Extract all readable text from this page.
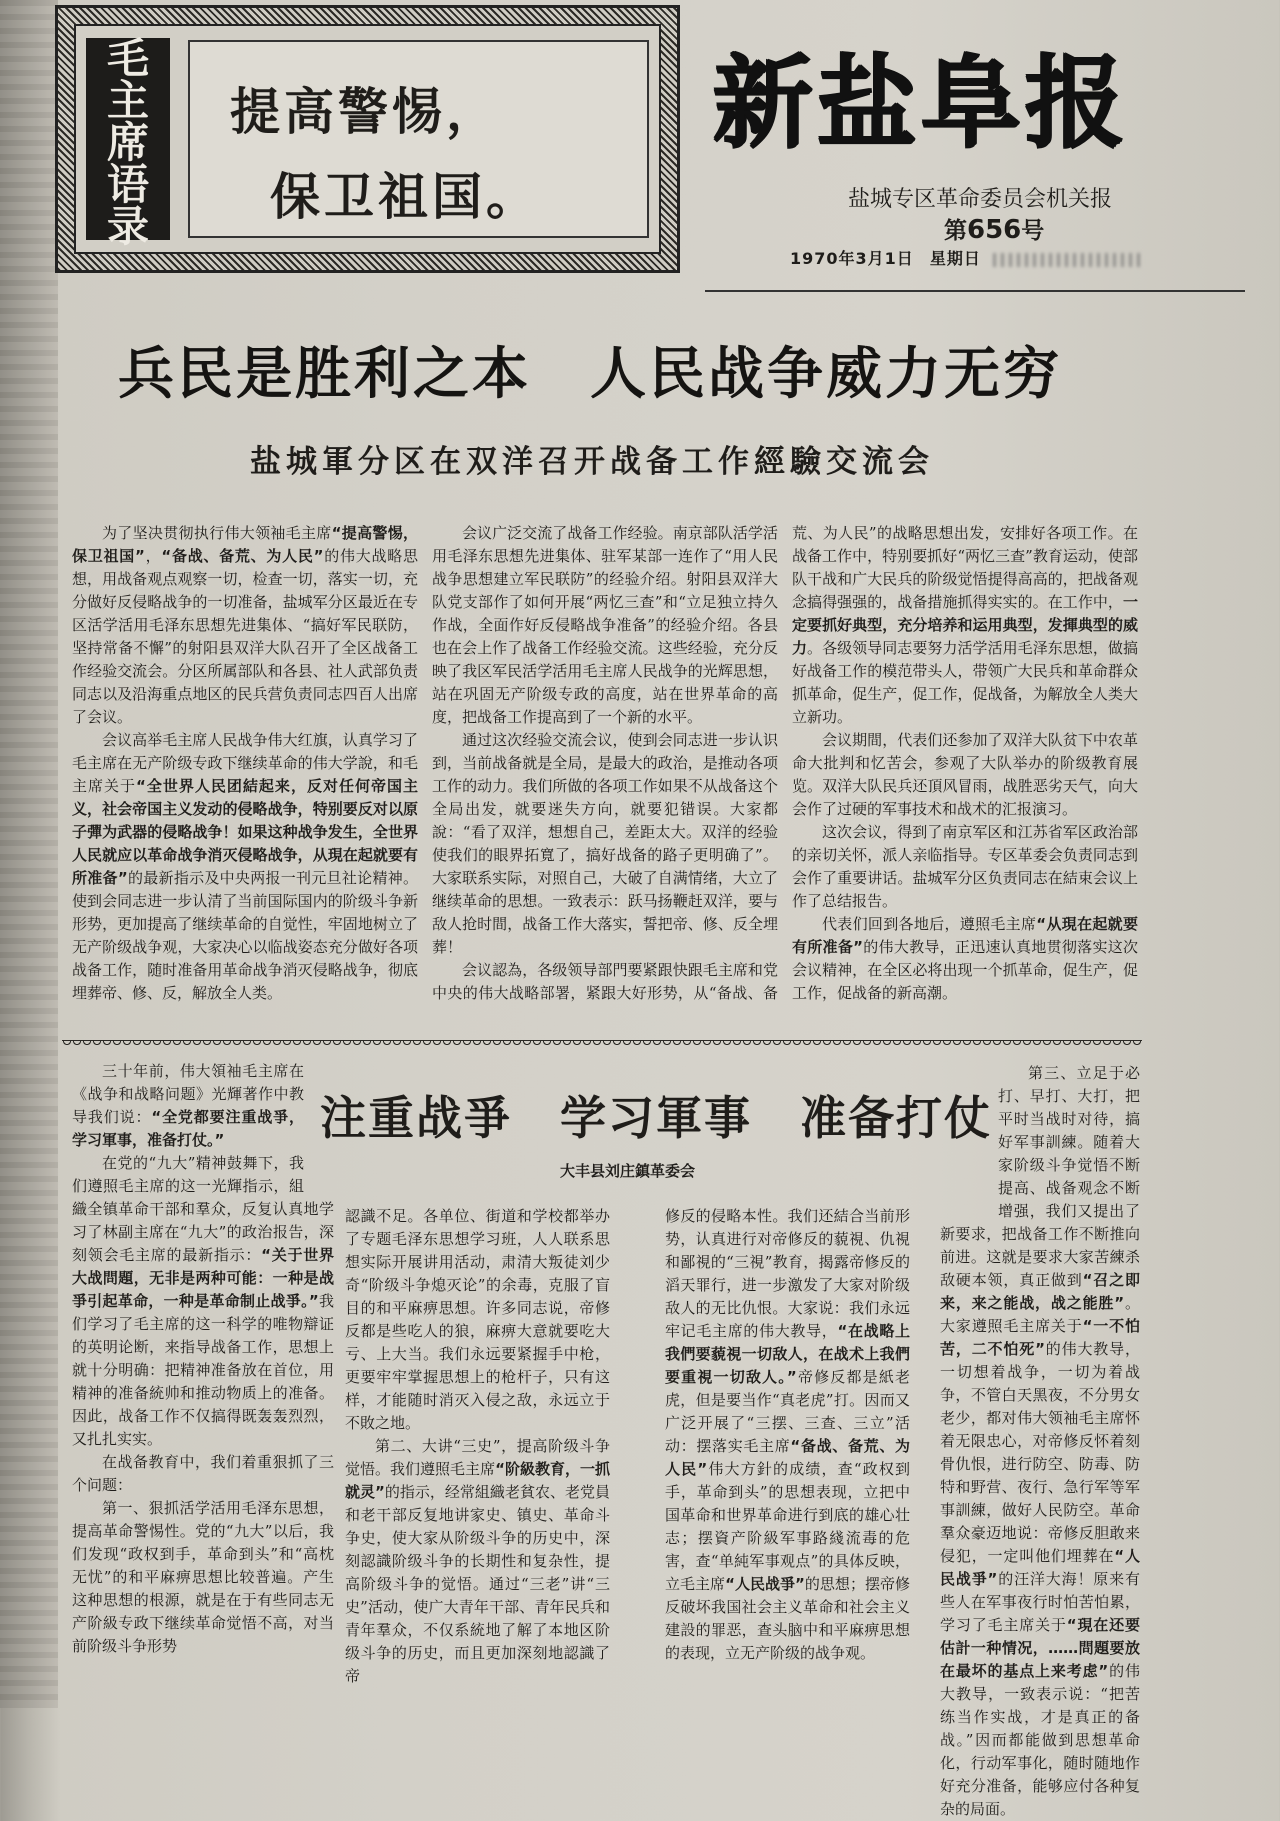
毛
主
席
语
录
提高警惕，
保卫祖国。
新盐阜报
盐城专区革命委员会机关报
第656号
1970年3月1日 星期日
兵民是胜利之本　人民战争威力无穷
盐城軍分区在双洋召开战备工作經驗交流会

为了坚决贯彻执行伟大领袖毛主席“提高警惕，保卫祖国”，“备战、备荒、为人民”的伟大战略思想，用战备观点观察一切，检查一切，落实一切，充分做好反侵略战争的一切准备，盐城军分区最近在专区活学活用毛泽东思想先进集体、“搞好军民联防，坚持常备不懈”的射阳县双洋大队召开了全区战备工作经验交流会。分区所属部队和各县、社人武部负责同志以及沿海重点地区的民兵营负责同志四百人出席了会议。

会议高举毛主席人民战争伟大红旗，认真学习了毛主席在无产阶级专政下继续革命的伟大学說，和毛主席关于“全世界人民团結起来，反对任何帝国主义，社会帝国主义发动的侵略战争，特别要反对以原子彈为武器的侵略战争！如果这种战争发生，全世界人民就应以革命战争消灭侵略战争，从現在起就要有所准备”的最新指示及中央两报一刊元旦社论精神。使到会同志进一步认清了当前国际国内的阶级斗争新形势，更加提高了继续革命的自觉性，牢固地树立了无产阶级战争观，大家决心以临战姿态充分做好各项战备工作，随时准备用革命战争消灭侵略战争，彻底埋葬帝、修、反，解放全人类。

会议广泛交流了战备工作经验。南京部队活学活用毛泽东思想先进集体、驻军某部一连作了“用人民战争思想建立军民联防”的经验介绍。射阳县双洋大队党支部作了如何开展“两忆三查”和“立足独立持久作战，全面作好反侵略战争准备”的经验介绍。各县也在会上作了战备工作经验交流。这些经验，充分反映了我区军民活学活用毛主席人民战争的光辉思想，站在巩固无产阶级专政的高度，站在世界革命的高度，把战备工作提高到了一个新的水平。

通过这次经验交流会议，使到会同志进一步认识到，当前战备就是全局，是最大的政治，是推动各项工作的动力。我们所做的各项工作如果不从战备这个全局出发，就要迷失方向，就要犯错误。大家都說：“看了双洋，想想自己，差距太大。双洋的经验使我们的眼界拓寬了，搞好战备的路子更明确了”。大家联系实际，对照自己，大破了自满情绪，大立了继续革命的思想。一致表示：跃马扬鞭赶双洋，要与敌人抢时間，战备工作大落实，誓把帝、修、反全埋葬！

会议認為，各级领导部門要紧跟快跟毛主席和党中央的伟大战略部署，紧跟大好形势，从“备战、备荒、为人民”的战略思想出发，安排好各项工作。在战备工作中，特别要抓好“两忆三查”教育运动，使部队干战和广大民兵的阶级觉悟提得高高的，把战备观念搞得强强的，战备措施抓得实实的。在工作中，一定要抓好典型，充分培养和运用典型，发揮典型的威力。各级领导同志要努力活学活用毛泽东思想，做搞好战备工作的模范带头人，带领广大民兵和革命群众抓革命，促生产，促工作，促战备，为解放全人类大立新功。

会议期間，代表们还参加了双洋大队贫下中农革命大批判和忆苦会，参观了大队举办的阶级教育展览。双洋大队民兵还頂风冒雨，战胜恶劣天气，向大会作了过硬的军事技术和战术的汇报演习。

这次会议，得到了南京军区和江苏省军区政治部的亲切关怀，派人亲临指导。专区革委会负责同志到会作了重要讲话。盐城军分区负责同志在結束会议上作了总结报告。

代表们回到各地后，遵照毛主席“从現在起就要有所准备”的伟大教导，正迅速认真地贯彻落实这次会议精神，在全区必将出现一个抓革命，促生产，促工作，促战备的新高潮。

注重战爭　学习軍事　准备打仗
大丰县刘庄鎮革委会

三十年前，伟大領袖毛主席在《战争和战略问题》光輝著作中教导我们说：“全党都要注重战爭，学习軍事，准备打仗。”

在党的“九大”精神鼓舞下，我们遵照毛主席的这一光輝指示，組織全镇革命干部和羣众，反复认真地学习了林副主席在“九大”的政治报告，深刻领会毛主席的最新指示：“关于世界大战問題，无非是两种可能：一种是战爭引起革命，一种是革命制止战爭。”我们学习了毛主席的这一科学的唯物辯证的英明论断，来指导战备工作，思想上就十分明确：把精神准备放在首位，用精神的准备統帅和推动物质上的准备。因此，战备工作不仅搞得既轰轰烈烈，又扎扎实实。

在战备教育中，我们着重狠抓了三个问题：

第一、狠抓活学活用毛泽东思想，提高革命警惕性。党的“九大”以后，我们发现“政权到手，革命到头”和“高枕无忧”的和平麻痹思想比较普遍。产生这种思想的根源，就是在于有些同志无产阶級专政下继续革命觉悟不高，对当前阶级斗争形势

認識不足。各单位、街道和学校都举办了专题毛泽东思想学习班，人人联系思想实际开展讲用活动，肃清大叛徒刘少奇“阶级斗争熄灭论”的余毒，克服了盲目的和平麻痹思想。许多同志说，帝修反都是些吃人的狼，麻痹大意就要吃大亏、上大当。我们永远要紧握手中枪，更要牢牢掌握思想上的枪杆子，只有这样，才能随时消灭入侵之敌，永远立于不敗之地。

第二、大讲“三史”，提高阶级斗争觉悟。我们遵照毛主席“阶級教育，一抓就灵”的指示，经常組織老貧农、老党員和老干部反复地讲家史、镇史、革命斗争史，使大家从阶级斗争的历史中，深刻認識阶级斗争的长期性和复杂性，提高阶级斗争的觉悟。通过“三老”讲“三史”活动，使广大青年干部、青年民兵和青年羣众，不仅系統地了解了本地区阶级斗争的历史，而且更加深刻地認識了帝

修反的侵略本性。我们还結合当前形势，认真进行对帝修反的藐視、仇視和鄙視的“三視”教育，揭露帝修反的滔天罪行，进一步激发了大家对阶级敌人的无比仇恨。大家说：我们永远牢记毛主席的伟大教导，“在战略上我們要藐視一切敌人，在战术上我們要重視一切敌人。”帝修反都是紙老虎，但是要当作“真老虎”打。因而又广泛开展了“三摆、三查、三立”活动：摆落实毛主席“备战、备荒、为人民”伟大方針的成绩，查“政权到手，革命到头”的思想表现，立把中国革命和世界革命进行到底的雄心壮志；摆資产阶級军事路綫流毒的危害，查“单純军事观点”的具体反映，立毛主席“人民战爭”的思想；摆帝修反破坏我国社会主义革命和社会主义建設的罪恶，查头脑中和平麻痹思想的表现，立无产阶级的战争观。

第三、立足于必打、早打、大打，把平时当战时对待，搞好军事訓練。随着大家阶级斗争觉悟不断提高、战备观念不断增强，我们又提出了新要求，把战备工作不断推向前进。这就是要求大家苦練杀敌硬本领，真正做到“召之即来，来之能战，战之能胜”。大家遵照毛主席关于“一不怕苦，二不怕死”的伟大教导，一切想着战争，一切为着战争，不管白天黑夜，不分男女老少，都对伟大领袖毛主席怀着无限忠心，对帝修反怀着刻骨仇恨，进行防空、防毒、防特和野营、夜行、急行军等军事訓練，做好人民防空。革命羣众豪迈地说：帝修反胆敢来侵犯，一定叫他们埋葬在“人民战爭”的汪洋大海！原来有些人在军事夜行时怕苦怕累，学习了毛主席关于“現在还要估計一种情况，……問題要放在最坏的基点上来考虑”的伟大教导，一致表示说：“把苦练当作实战，才是真正的备战。”因而都能做到思想革命化，行动军事化，随时随地作好充分准备，能够应付各种复杂的局面。
